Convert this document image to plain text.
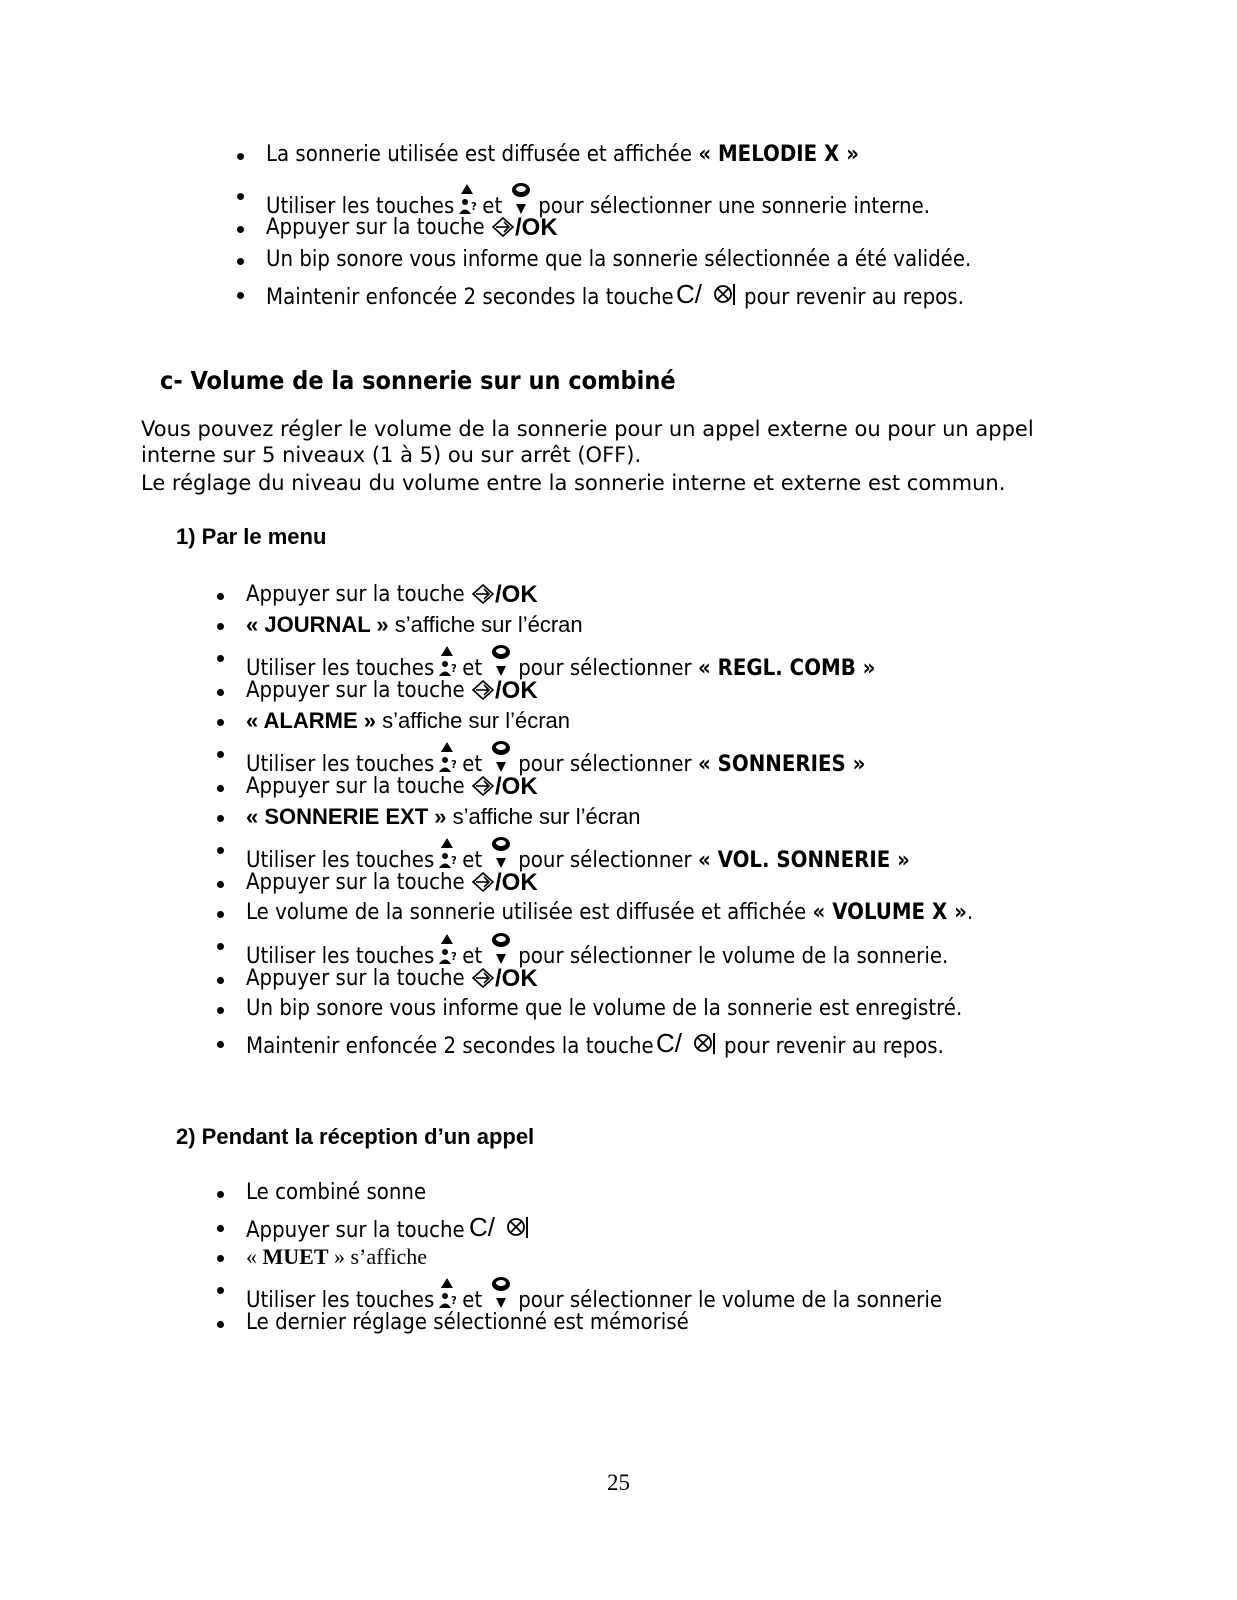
La sonnerie utilisée est diffusée et affichée « MELODIE X »
Utiliser les touches ? et pour sélectionner une sonnerie interne.
Appuyer sur la touche /OK
Un bip sonore vous informe que la sonnerie sélectionnée a été validée.
Maintenir enfoncée 2 secondes la touche C/ pour revenir au repos.
c- Volume de la sonnerie sur un combiné
Vous pouvez régler le volume de la sonnerie pour un appel externe ou pour un appel
interne sur 5 niveaux (1 à 5) ou sur arrêt (OFF).
Le réglage du niveau du volume entre la sonnerie interne et externe est commun.
1) Par le menu
Appuyer sur la touche /OK
« JOURNAL » s’affiche sur l’écran
Utiliser les touches ? et pour sélectionner « REGL. COMB »
Appuyer sur la touche /OK
« ALARME » s’affiche sur l’écran
Utiliser les touches ? et pour sélectionner « SONNERIES »
Appuyer sur la touche /OK
« SONNERIE EXT » s’affiche sur l’écran
Utiliser les touches ? et pour sélectionner « VOL. SONNERIE »
Appuyer sur la touche /OK
Le volume de la sonnerie utilisée est diffusée et affichée « VOLUME X ».
Utiliser les touches ? et pour sélectionner le volume de la sonnerie.
Appuyer sur la touche /OK
Un bip sonore vous informe que le volume de la sonnerie est enregistré.
Maintenir enfoncée 2 secondes la touche C/ pour revenir au repos.
2) Pendant la réception d’un appel
Le combiné sonne
Appuyer sur la touche C/
« MUET » s’affiche
Utiliser les touches ? et pour sélectionner le volume de la sonnerie
Le dernier réglage sélectionné est mémorisé
25
